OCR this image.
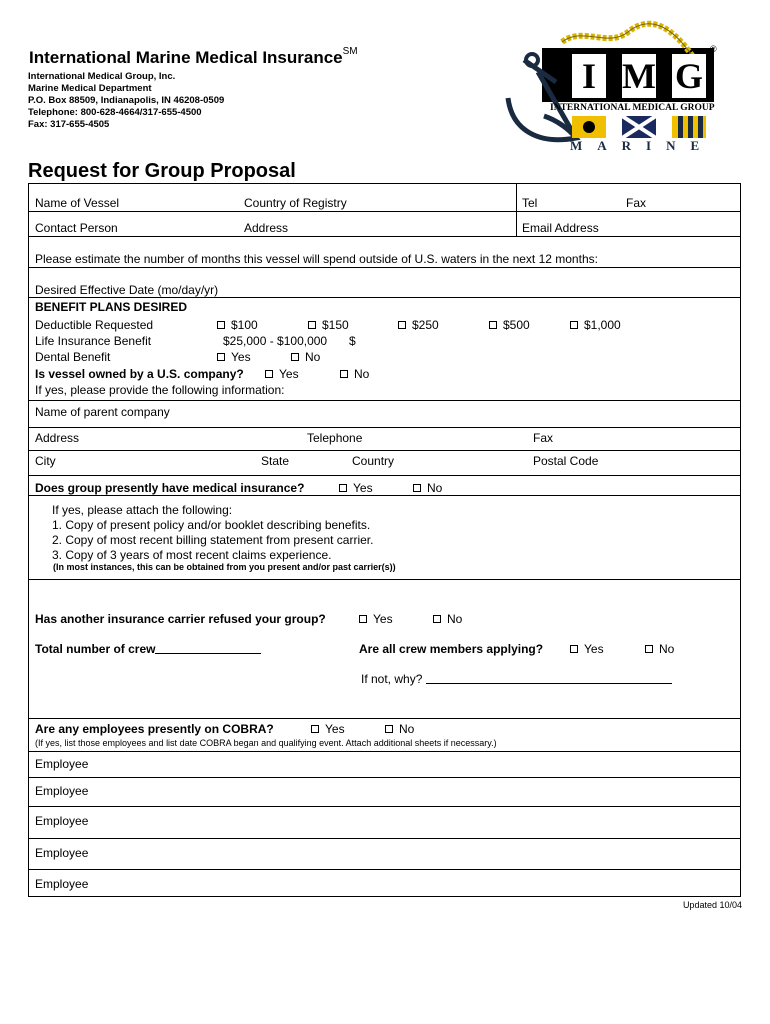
International Marine Medical Insurance℠
International Medical Group, Inc.
Marine Medical Department
P.O. Box 88509, Indianapolis, IN 46208-0509
Telephone: 800-628-4664/317-655-4500
Fax: 317-655-4505
I M G
®
INTERNATIONAL MEDICAL GROUP
MARINE
Request for Group Proposal
Name of Vessel	Country of Registry	Tel	Fax
Contact Person	Address	Email Address
Please estimate the number of months this vessel will spend outside of U.S. waters in the next 12 months:
Desired Effective Date (mo/day/yr)
BENEFIT PLANS DESIRED
Deductible Requested	$100	$150	$250	$500	$1,000
Life Insurance Benefit	$25,000 - $100,000 $
Dental Benefit	Yes	No
Is vessel owned by a U.S. company?	Yes	No
If yes, please provide the following information:
Name of parent company
Address	Telephone	Fax
City	State	Country	Postal Code
Does group presently have medical insurance?	Yes	No
If yes, please attach the following:
1. Copy of present policy and/or booklet describing benefits.
2. Copy of most recent billing statement from present carrier.
3. Copy of 3 years of most recent claims experience.
(In most instances, this can be obtained from you present and/or past carrier(s))
Has another insurance carrier refused your group?	Yes	No
Total number of crew	Are all crew members applying?	Yes	No
If not, why?
Are any employees presently on COBRA?	Yes	No
(If yes, list those employees and list date COBRA began and qualifying event. Attach additional sheets if necessary.)
Employee
Employee
Employee
Employee
Employee
Updated 10/04
